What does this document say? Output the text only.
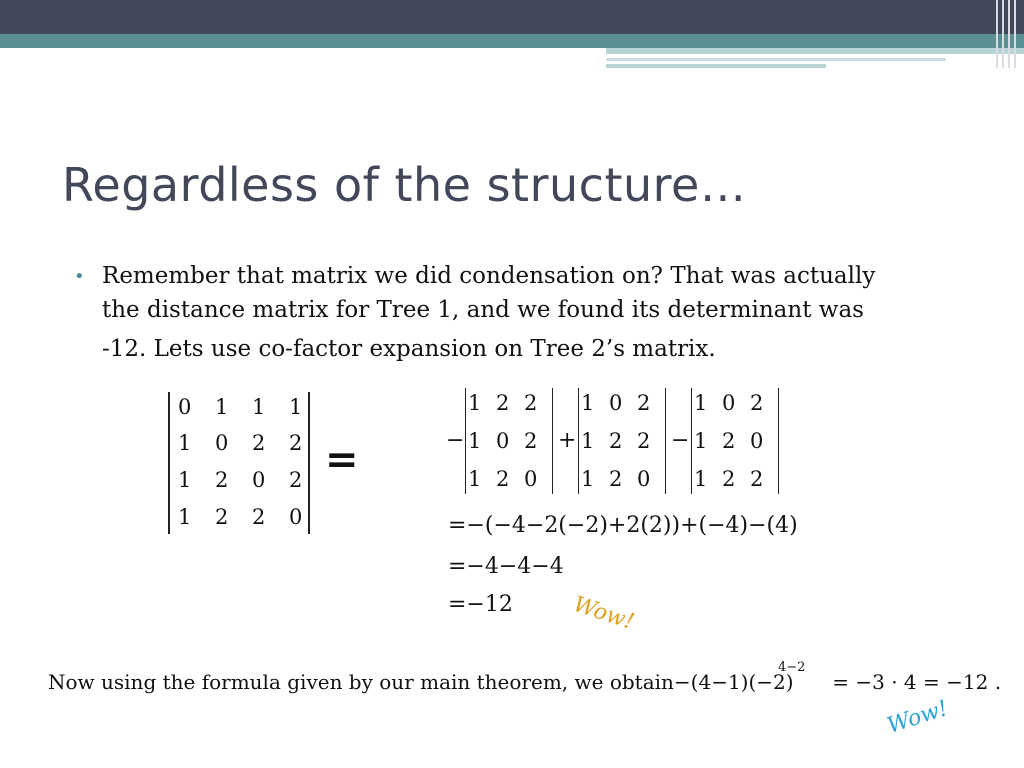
Regardless of the structure…
• Remember that matrix we did condensation on? That was actually
the distance matrix for Tree 1, and we found its determinant was
-12. Lets use co-factor expansion on Tree 2’s matrix.
0	1	1	1
1	0	2	2
1	2	0	2
1	2	2	0
=	−
1 2 2
1 0 2
1 2 0
+
1 0 2
1 2 2
1 2 0
−
1 0 2
1 2 0
1 2 2
=−(−4−2(−2)+2(2))+(−4)−(4)
=−4−4−4
=−12	Wow!
Now using the formula given by our main theorem, we obtain−(4−1)(−2) = −3 · 4 = −12 .
4−2
Wow!
